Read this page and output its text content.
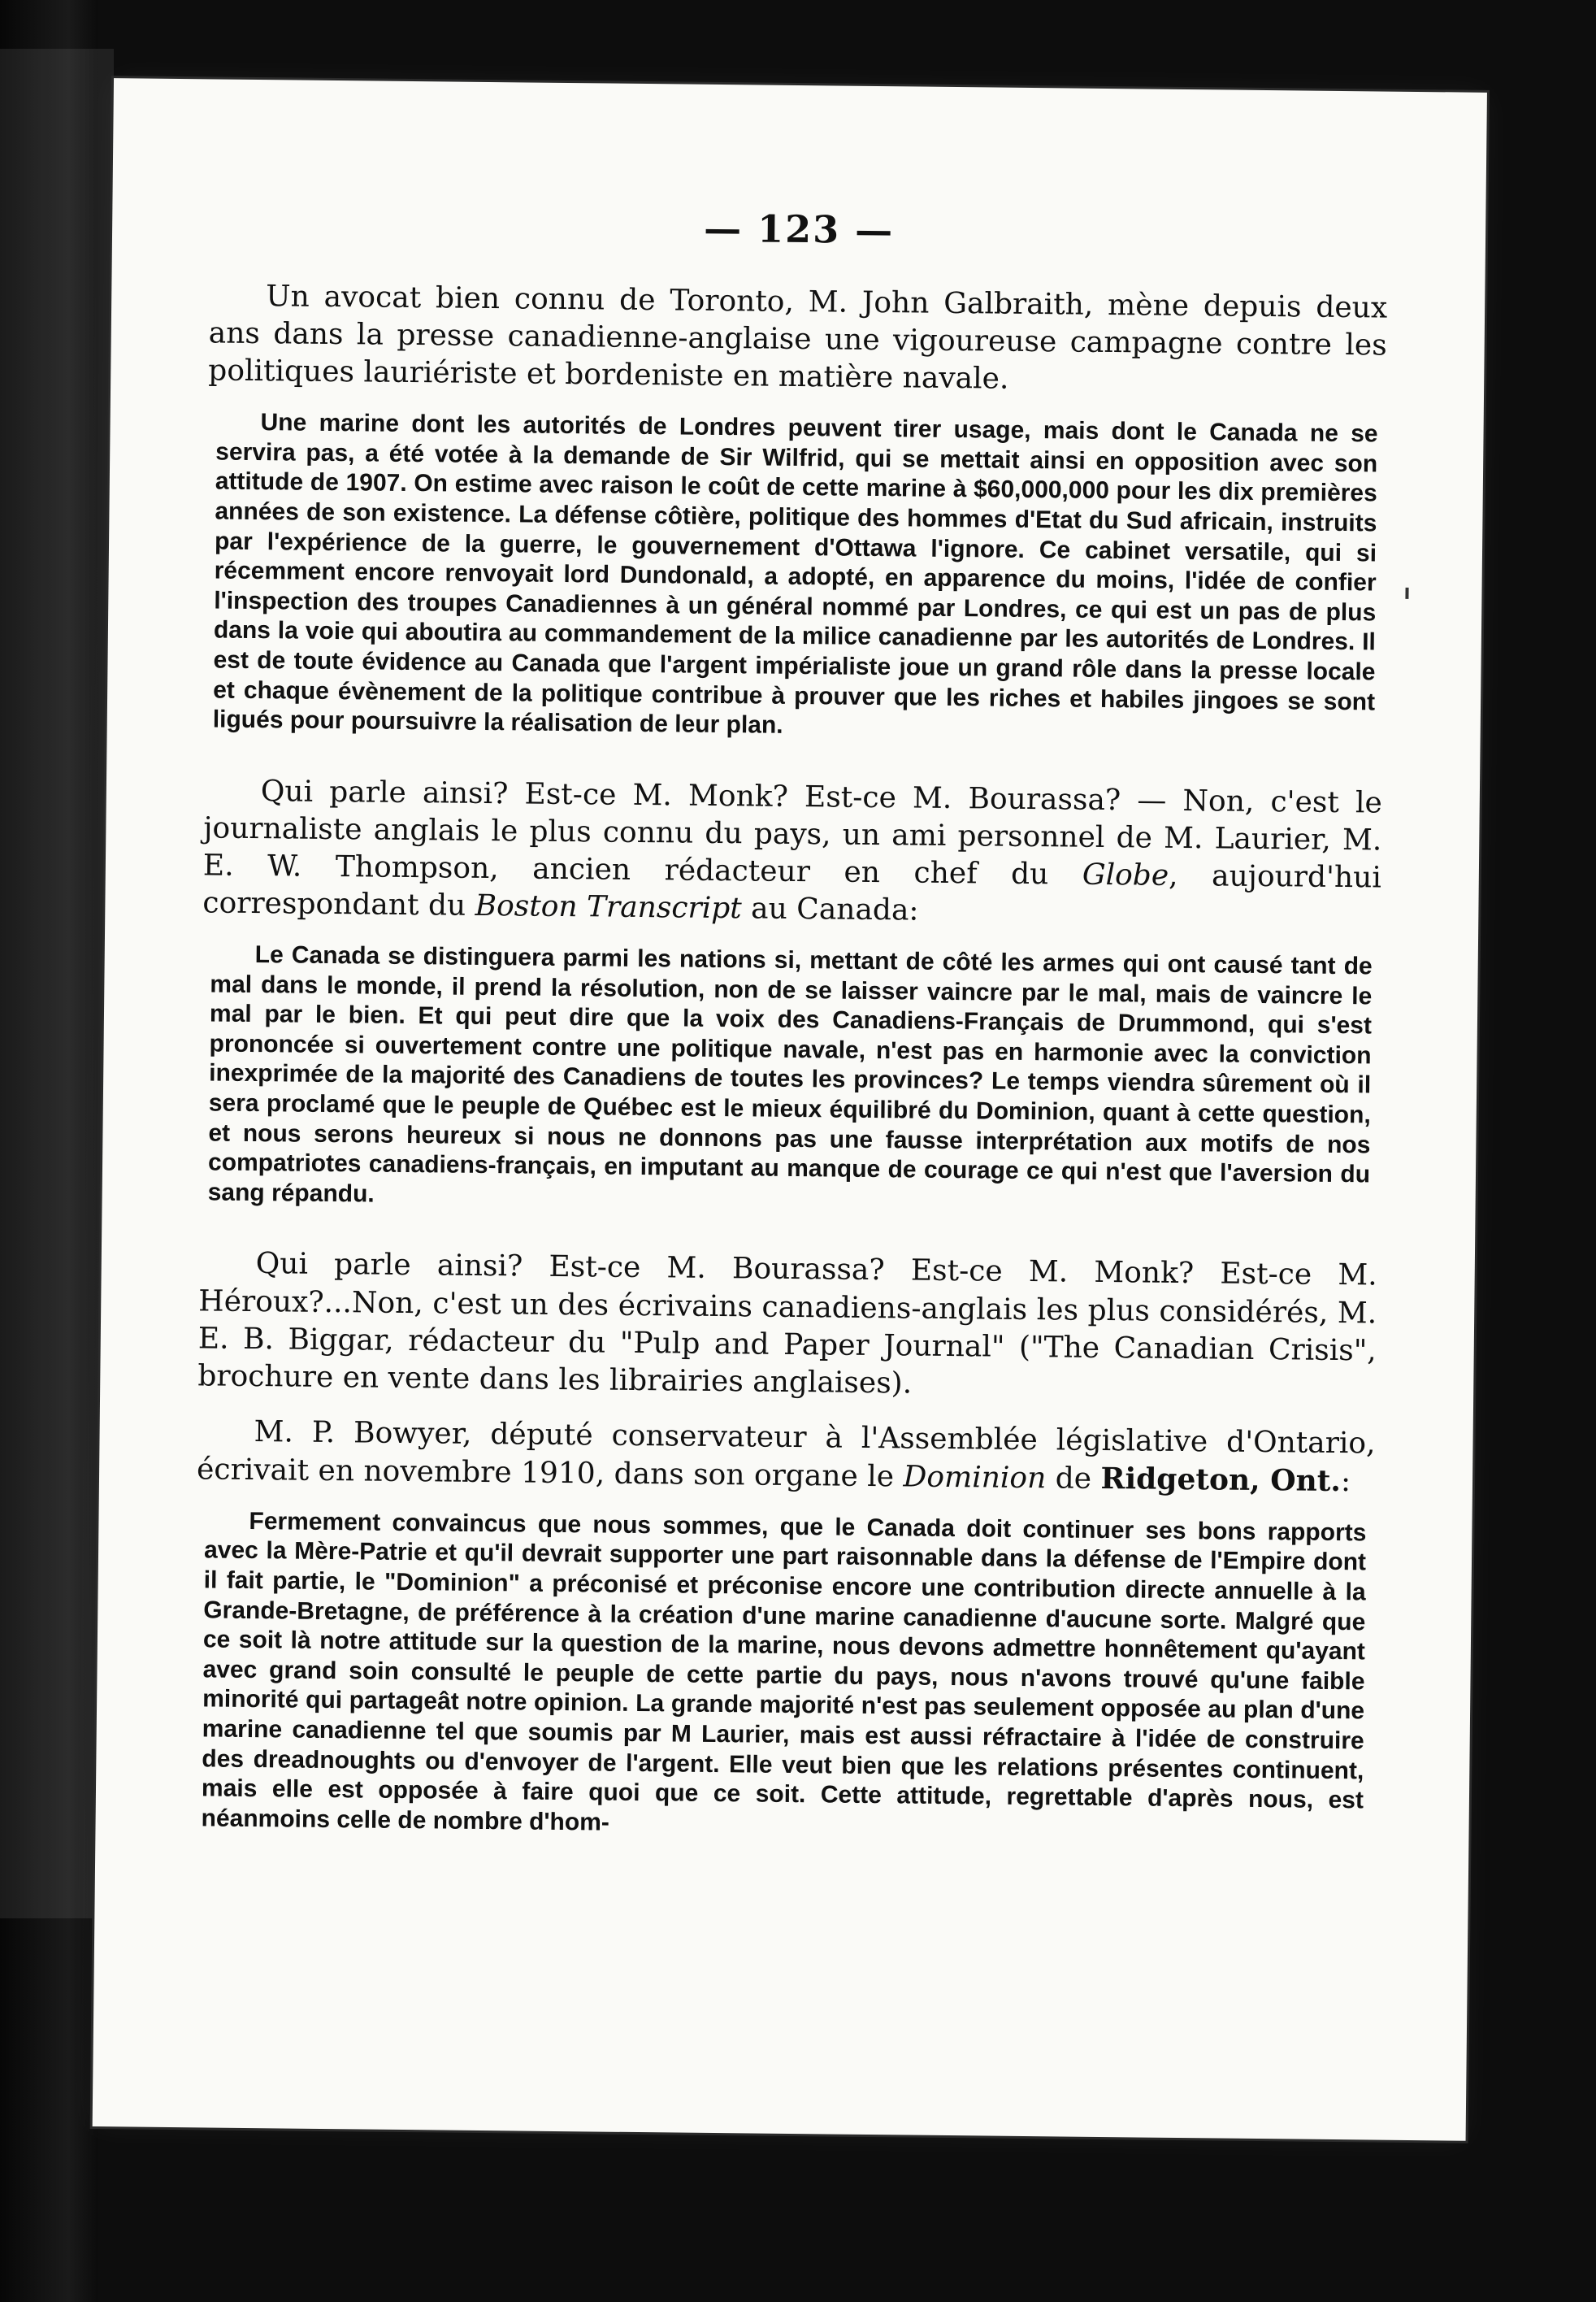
— 123 —

Un avocat bien connu de Toronto, M. John Galbraith, mène depuis deux ans dans la presse canadienne-anglaise une vigoureuse campagne contre les politiques lauriériste et bordeniste en matière navale.

Une marine dont les autorités de Londres peuvent tirer usage, mais dont le Canada ne se servira pas, a été votée à la demande de Sir Wilfrid, qui se mettait ainsi en opposition avec son attitude de 1907. On estime avec raison le coût de cette marine à $60,000,000 pour les dix premières années de son existence. La défense côtière, politique des hommes d'Etat du Sud africain, instruits par l'expérience de la guerre, le gouvernement d'Ottawa l'ignore. Ce cabinet versatile, qui si récemment encore renvoyait lord Dundonald, a adopté, en apparence du moins, l'idée de confier l'inspection des troupes Canadiennes à un général nommé par Londres, ce qui est un pas de plus dans la voie qui aboutira au commandement de la milice canadienne par les autorités de Londres. Il est de toute évidence au Canada que l'argent impérialiste joue un grand rôle dans la presse locale et chaque évènement de la politique contribue à prouver que les riches et habiles jingoes se sont ligués pour poursuivre la réalisation de leur plan.

Qui parle ainsi? Est-ce M. Monk? Est-ce M. Bourassa? — Non, c'est le journaliste anglais le plus connu du pays, un ami personnel de M. Laurier, M. E. W. Thompson, ancien rédacteur en chef du Globe, aujourd'hui correspondant du Boston Transcript au Canada:

Le Canada se distinguera parmi les nations si, mettant de côté les armes qui ont causé tant de mal dans le monde, il prend la résolution, non de se laisser vaincre par le mal, mais de vaincre le mal par le bien. Et qui peut dire que la voix des Canadiens-Français de Drummond, qui s'est prononcée si ouvertement contre une politique navale, n'est pas en harmonie avec la conviction inexprimée de la majorité des Canadiens de toutes les provinces? Le temps viendra sûrement où il sera proclamé que le peuple de Québec est le mieux équilibré du Dominion, quant à cette question, et nous serons heureux si nous ne donnons pas une fausse interprétation aux motifs de nos compatriotes canadiens-français, en imputant au manque de courage ce qui n'est que l'aversion du sang répandu.

Qui parle ainsi? Est-ce M. Bourassa? Est-ce M. Monk? Est-ce M. Héroux?...Non, c'est un des écrivains canadiens-anglais les plus considérés, M. E. B. Biggar, rédacteur du "Pulp and Paper Journal" ("The Canadian Crisis", brochure en vente dans les librairies anglaises).

M. P. Bowyer, député conservateur à l'Assemblée législative d'Ontario, écrivait en novembre 1910, dans son organe le Dominion de Ridgeton, Ont.:

Fermement convaincus que nous sommes, que le Canada doit continuer ses bons rapports avec la Mère-Patrie et qu'il devrait supporter une part raisonnable dans la défense de l'Empire dont il fait partie, le "Dominion" a préconisé et préconise encore une contribution directe annuelle à la Grande-Bretagne, de préférence à la création d'une marine canadienne d'aucune sorte. Malgré que ce soit là notre attitude sur la question de la marine, nous devons admettre honnêtement qu'ayant avec grand soin consulté le peuple de cette partie du pays, nous n'avons trouvé qu'une faible minorité qui partageât notre opinion. La grande majorité n'est pas seulement opposée au plan d'une marine canadienne tel que soumis par M Laurier, mais est aussi réfractaire à l'idée de construire des dreadnoughts ou d'envoyer de l'argent. Elle veut bien que les relations présentes continuent, mais elle est opposée à faire quoi que ce soit. Cette attitude, regrettable d'après nous, est néanmoins celle de nombre d'hom-
